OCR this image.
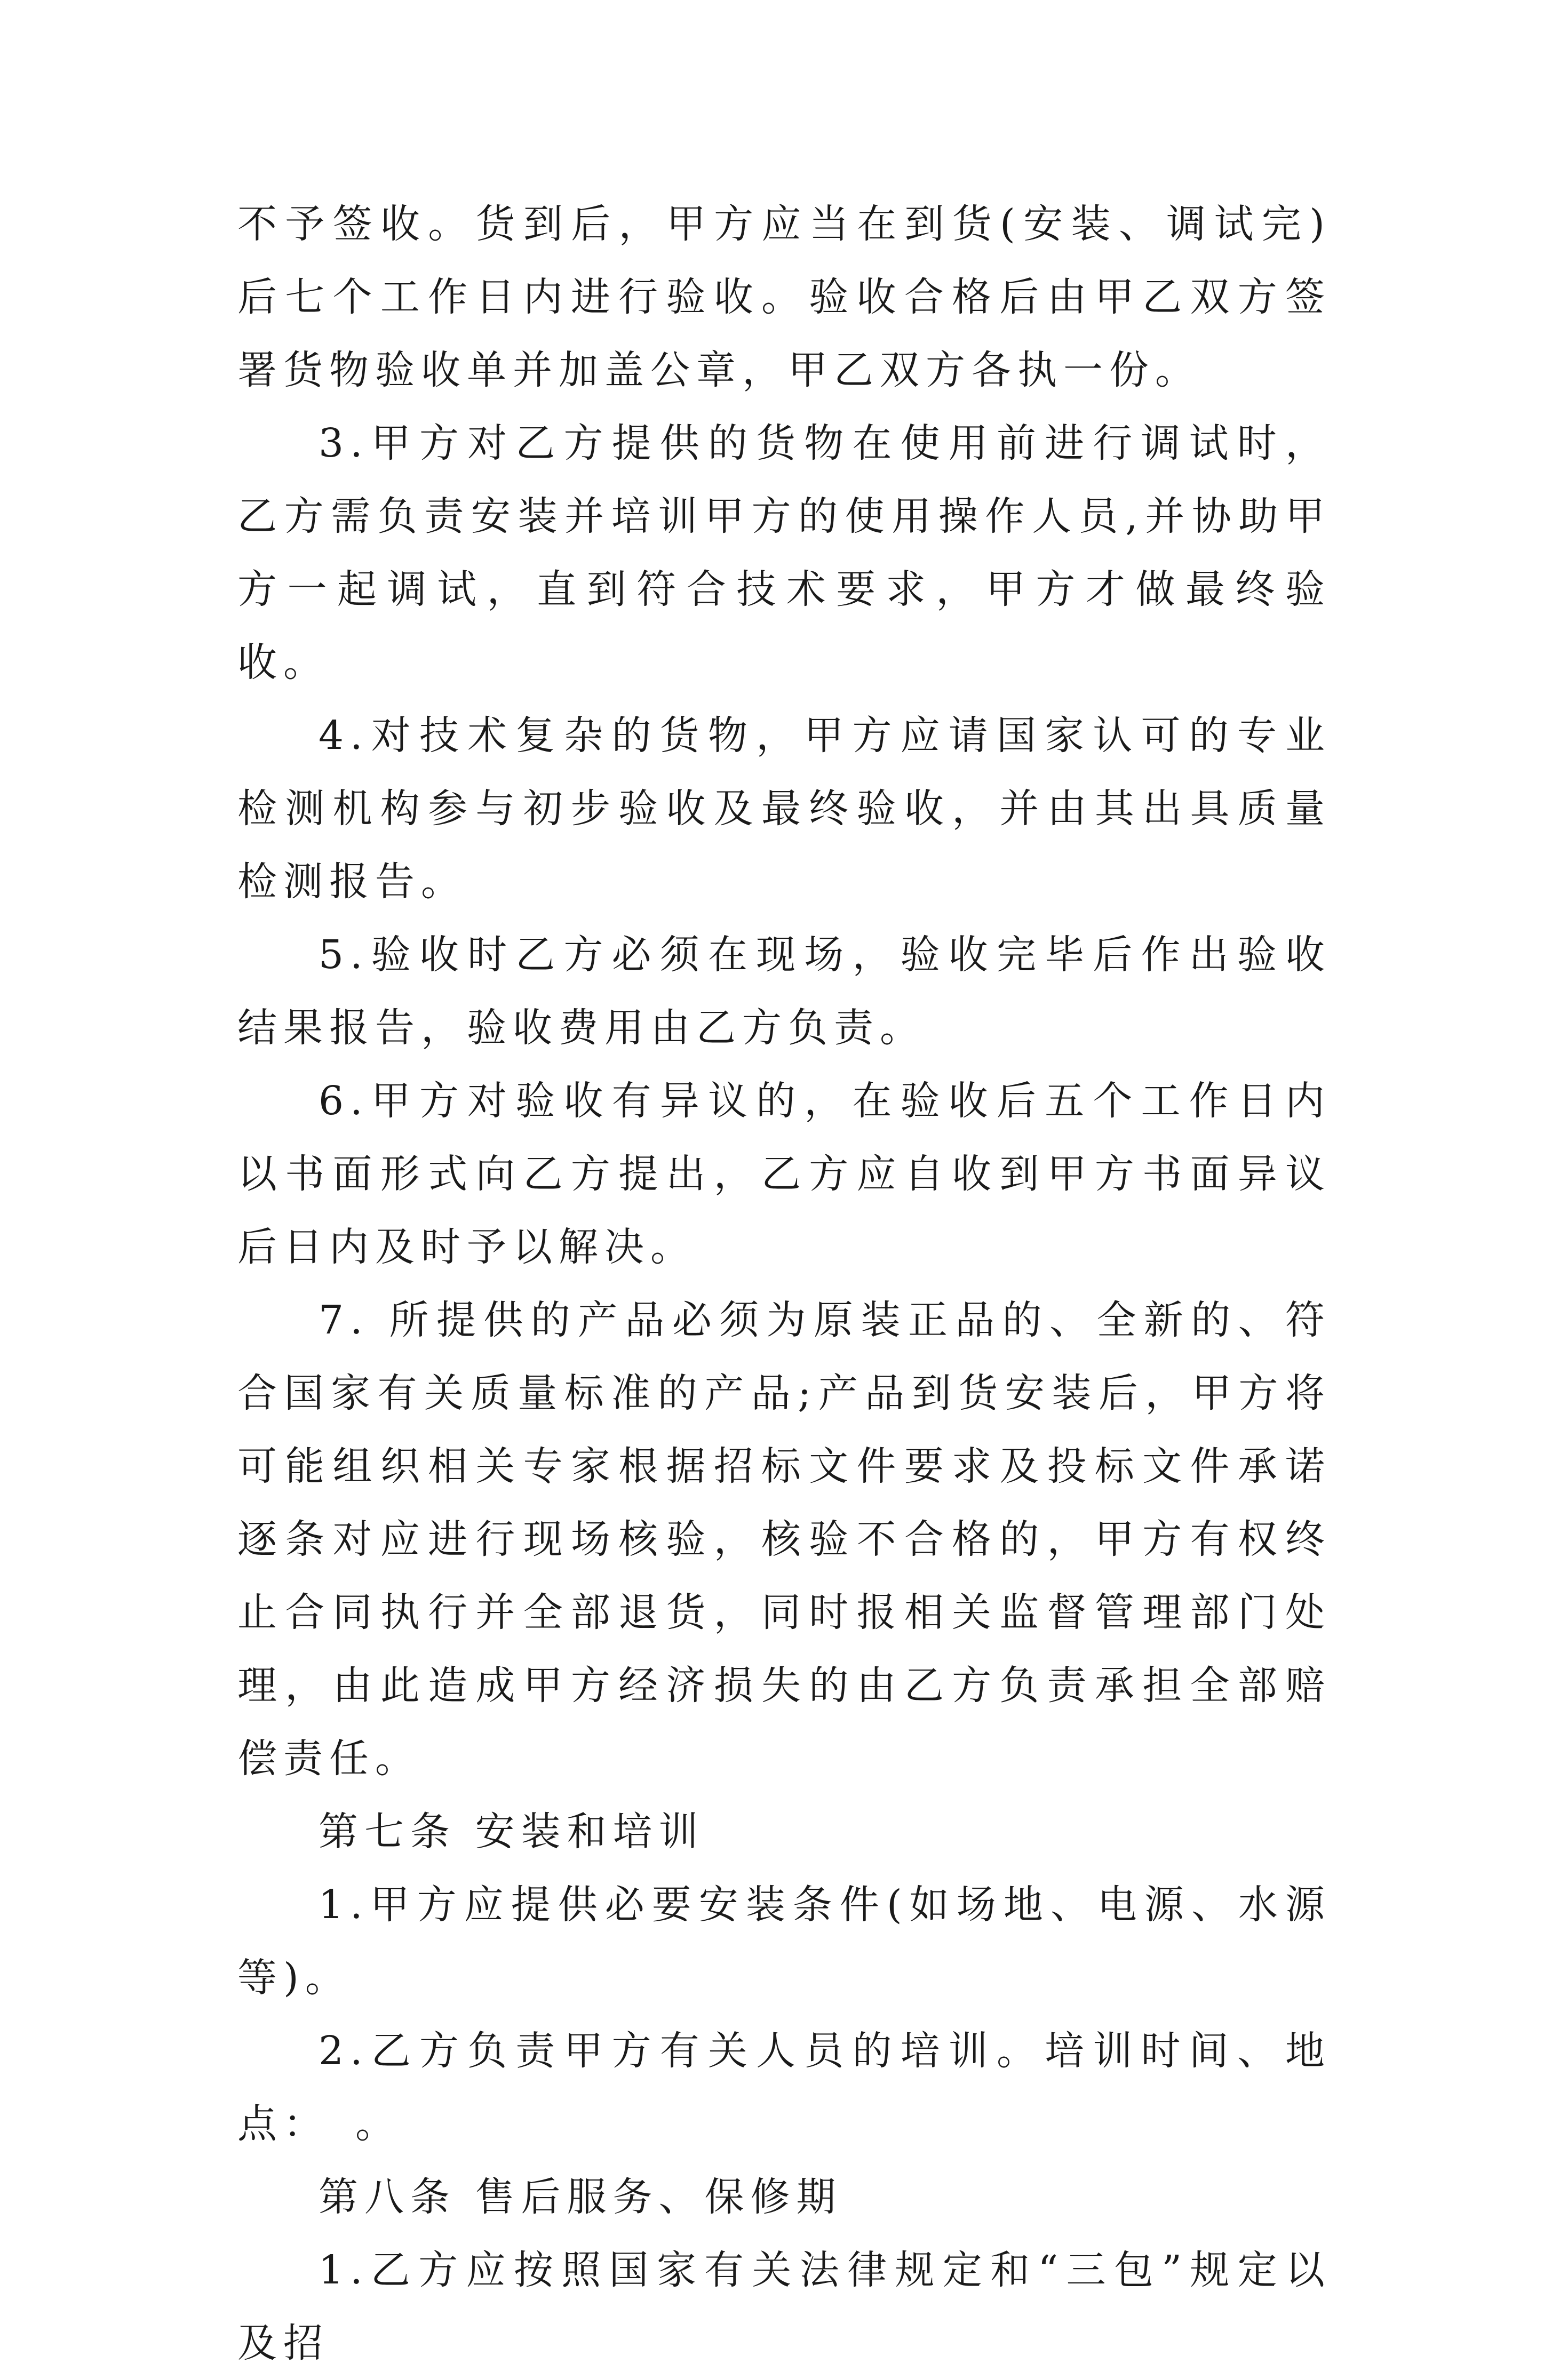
不予签收。货到后，甲方应当在到货(安装、调试完)后七个工作日内进行验收。验收合格后由甲乙双方签署货物验收单并加盖公章，甲乙双方各执一份。

3.甲方对乙方提供的货物在使用前进行调试时，乙方需负责安装并培训甲方的使用操作人员,并协助甲方一起调试，直到符合技术要求，甲方才做最终验收。

4.对技术复杂的货物，甲方应请国家认可的专业检测机构参与初步验收及最终验收，并由其出具质量检测报告。

5.验收时乙方必须在现场，验收完毕后作出验收结果报告，验收费用由乙方负责。

6.甲方对验收有异议的，在验收后五个工作日内以书面形式向乙方提出，乙方应自收到甲方书面异议后日内及时予以解决。

7. 所提供的产品必须为原装正品的、全新的、符合国家有关质量标准的产品;产品到货安装后，甲方将可能组织相关专家根据招标文件要求及投标文件承诺逐条对应进行现场核验，核验不合格的，甲方有权终止合同执行并全部退货，同时报相关监督管理部门处理，由此造成甲方经济损失的由乙方负责承担全部赔偿责任。

第七条 安装和培训

1.甲方应提供必要安装条件(如场地、电源、水源等)。

2.乙方负责甲方有关人员的培训。培训时间、地点：　。

第八条 售后服务、保修期

1.乙方应按照国家有关法律规定和“三包”规定以及招
